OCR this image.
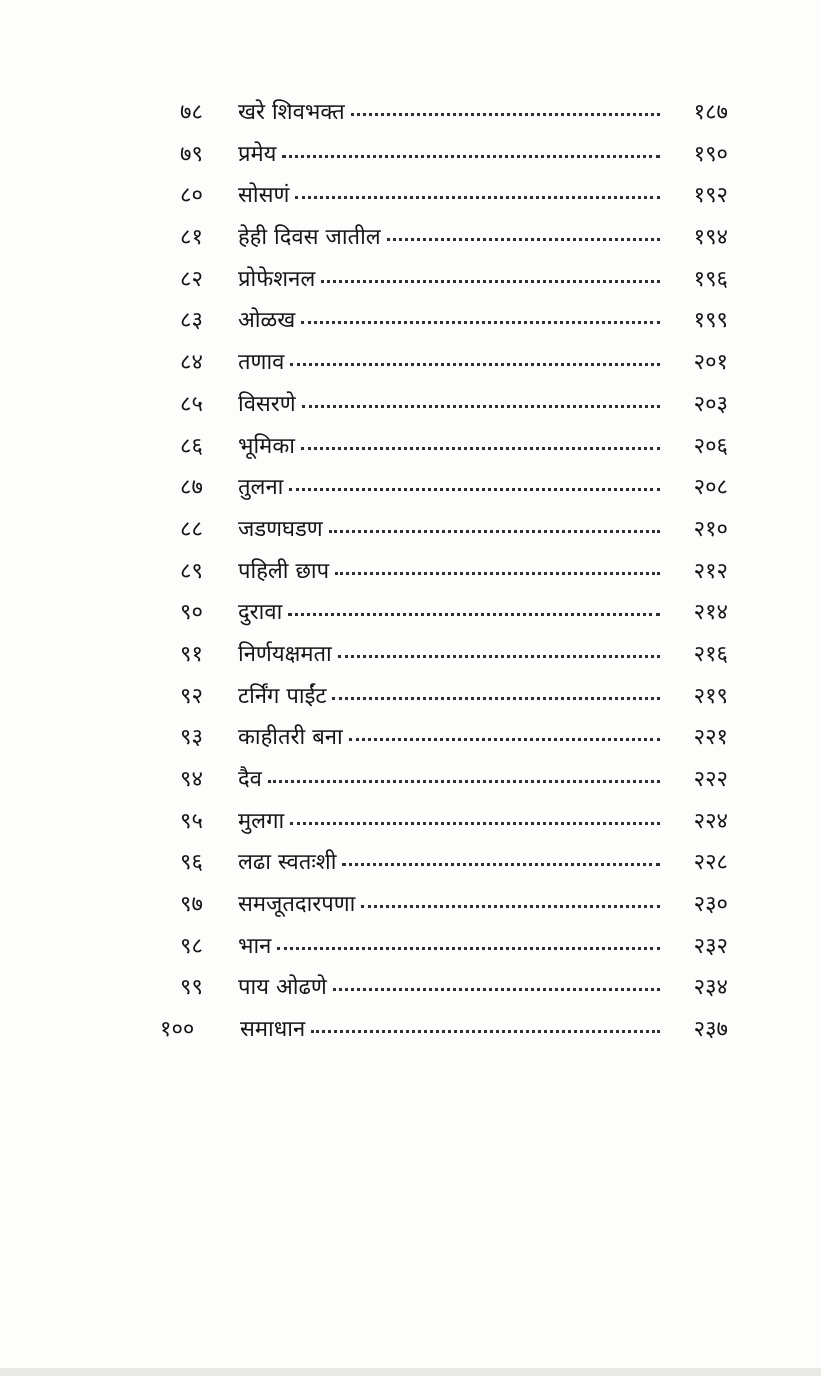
७८	खरे शिवभक्त	१८७
७९	प्रमेय	१९०
८०	सोसणं	१९२
८१	हेही दिवस जातील	१९४
८२	प्रोफेशनल	१९६
८३	ओळख	१९९
८४	तणाव	२०१
८५	विसरणे	२०३
८६	भूमिका	२०६
८७	तुलना	२०८
८८	जडणघडण	२१०
८९	पहिली छाप	२१२
९०	दुरावा	२१४
९१	निर्णयक्षमता	२१६
९२	टर्निंग पाईंट	२१९
९३	काहीतरी बना	२२१
९४	दैव	२२२
९५	मुलगा	२२४
९६	लढा स्वतःशी	२२८
९७	समजूतदारपणा	२३०
९८	भान	२३२
९९	पाय ओढणे	२३४
१००	समाधान	२३७
